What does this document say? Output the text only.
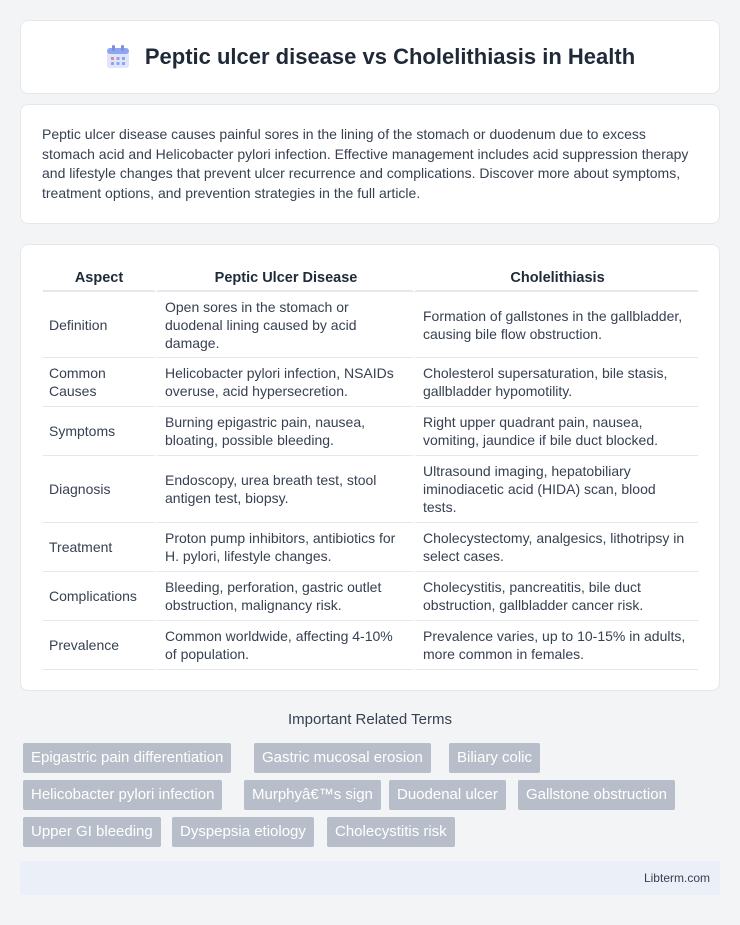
Peptic ulcer disease vs Cholelithiasis in Health

Peptic ulcer disease causes painful sores in the lining of the stomach or duodenum due to excess stomach acid and Helicobacter pylori infection. Effective management includes acid suppression therapy and lifestyle changes that prevent ulcer recurrence and complications. Discover more about symptoms, treatment options, and prevention strategies in the full article.

Aspect	Peptic Ulcer Disease	Cholelithiasis
Definition	Open sores in the stomach or duodenal lining caused by acid damage.	Formation of gallstones in the gallbladder, causing bile flow obstruction.
Common Causes	Helicobacter pylori infection, NSAIDs overuse, acid hypersecretion.	Cholesterol supersaturation, bile stasis, gallbladder hypomotility.
Symptoms	Burning epigastric pain, nausea, bloating, possible bleeding.	Right upper quadrant pain, nausea, vomiting, jaundice if bile duct blocked.
Diagnosis	Endoscopy, urea breath test, stool antigen test, biopsy.	Ultrasound imaging, hepatobiliary iminodiacetic acid (HIDA) scan, blood tests.
Treatment	Proton pump inhibitors, antibiotics for H. pylori, lifestyle changes.	Cholecystectomy, analgesics, lithotripsy in select cases.
Complications	Bleeding, perforation, gastric outlet obstruction, malignancy risk.	Cholecystitis, pancreatitis, bile duct obstruction, gallbladder cancer risk.
Prevalence	Common worldwide, affecting 4-10% of population.	Prevalence varies, up to 10-15% in adults, more common in females.
Important Related Terms
Epigastric pain differentiation	Gastric mucosal erosion	Biliary colic
Helicobacter pylori infection	Murphyâ€™s sign	Duodenal ulcer	Gallstone obstruction
Upper GI bleeding	Dyspepsia etiology	Cholecystitis risk
Libterm.com
